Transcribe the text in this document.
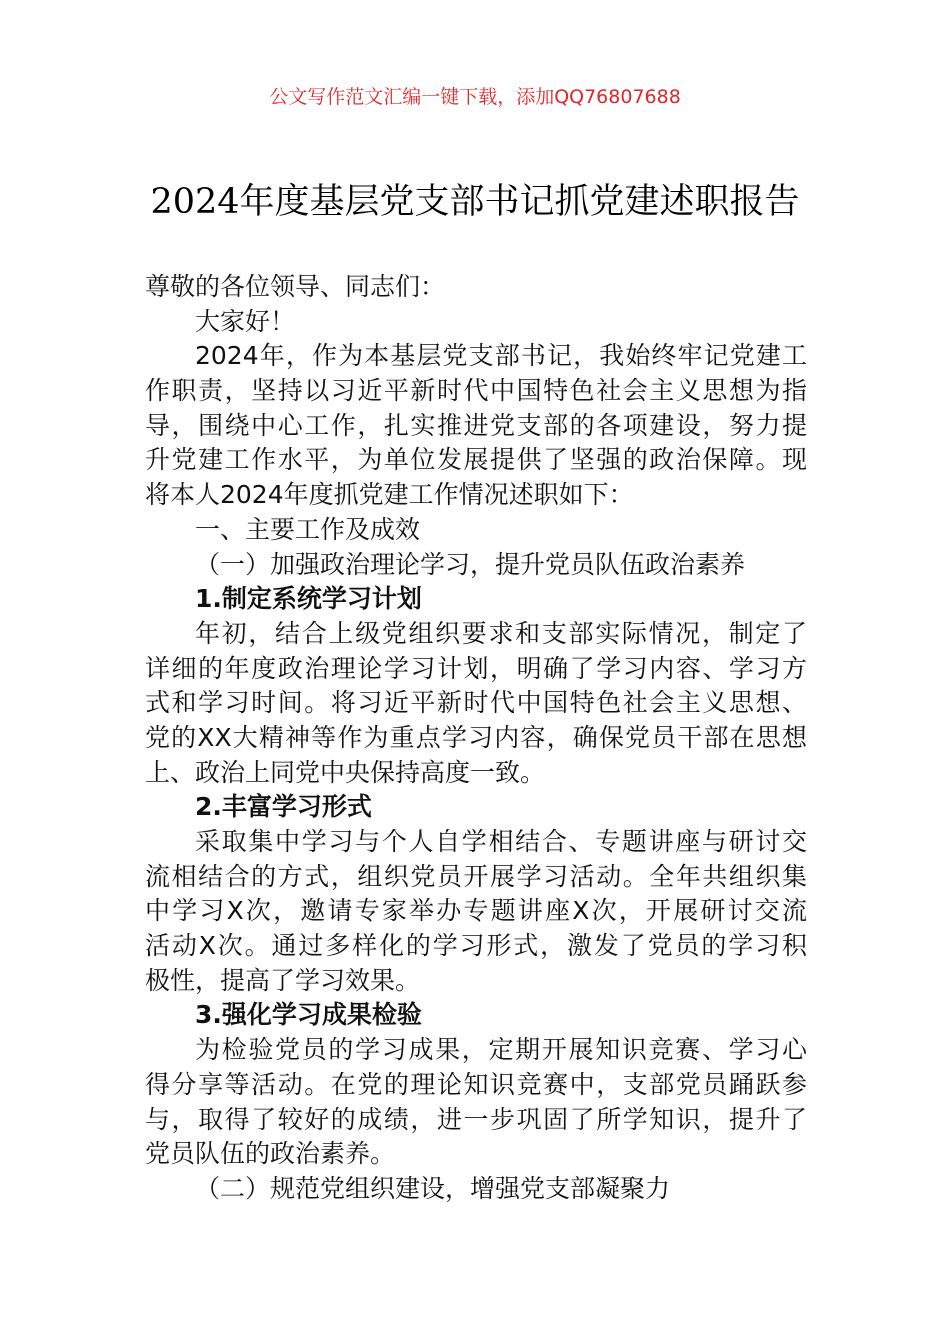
公文写作范文汇编一键下载，添加QQ76807688
2024年度基层党支部书记抓党建述职报告
尊敬的各位领导、同志们：
大家好！
2024年，作为本基层党支部书记，我始终牢记党建工
作职责，坚持以习近平新时代中国特色社会主义思想为指
导，围绕中心工作，扎实推进党支部的各项建设，努力提
升党建工作水平，为单位发展提供了坚强的政治保障。现
将本人2024年度抓党建工作情况述职如下：
一、主要工作及成效
（一）加强政治理论学习，提升党员队伍政治素养
1.制定系统学习计划
年初，结合上级党组织要求和支部实际情况，制定了
详细的年度政治理论学习计划，明确了学习内容、学习方
式和学习时间。将习近平新时代中国特色社会主义思想、
党的XX大精神等作为重点学习内容，确保党员干部在思想
上、政治上同党中央保持高度一致。
2.丰富学习形式
采取集中学习与个人自学相结合、专题讲座与研讨交
流相结合的方式，组织党员开展学习活动。全年共组织集
中学习X次，邀请专家举办专题讲座X次，开展研讨交流
活动X次。通过多样化的学习形式，激发了党员的学习积
极性，提高了学习效果。
3.强化学习成果检验
为检验党员的学习成果，定期开展知识竞赛、学习心
得分享等活动。在党的理论知识竞赛中，支部党员踊跃参
与，取得了较好的成绩，进一步巩固了所学知识，提升了
党员队伍的政治素养。
（二）规范党组织建设，增强党支部凝聚力
